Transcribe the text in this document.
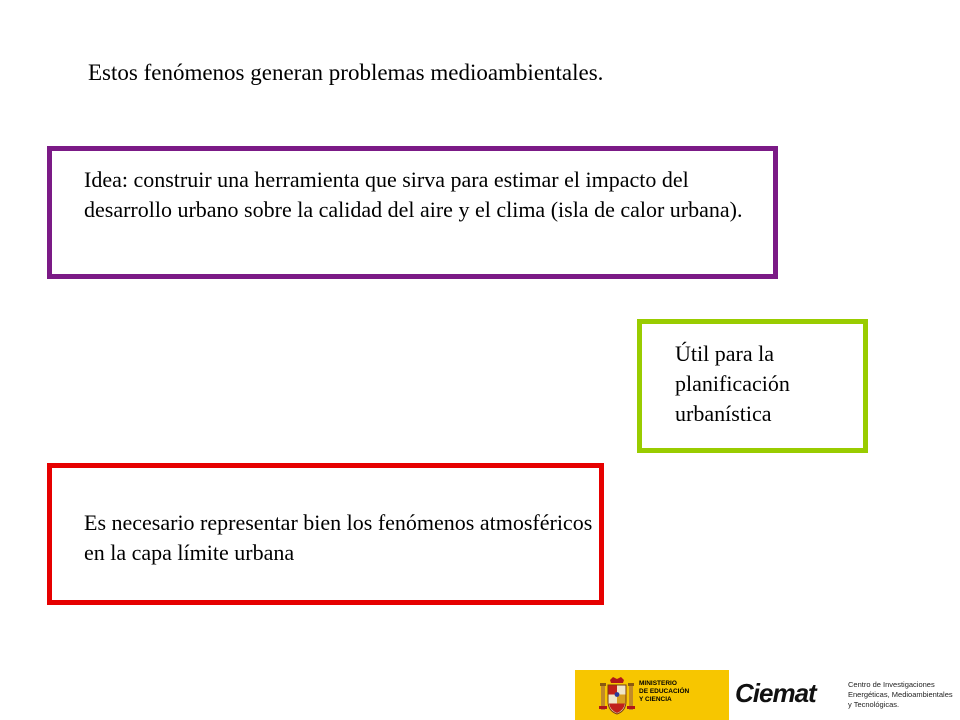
Estos fenómenos generan problemas medioambientales.
Idea: construir una herramienta que sirva para estimar el impacto del desarrollo urbano sobre la calidad del aire y el clima (isla de calor urbana).
Útil para la planificación urbanística
Es necesario representar bien los fenómenos atmosféricos en la capa límite urbana
MINISTERIO
DE EDUCACIÓN
Y CIENCIA	Ciemat	Centro de Investigaciones
Energéticas, Medioambientales
y Tecnológicas.
